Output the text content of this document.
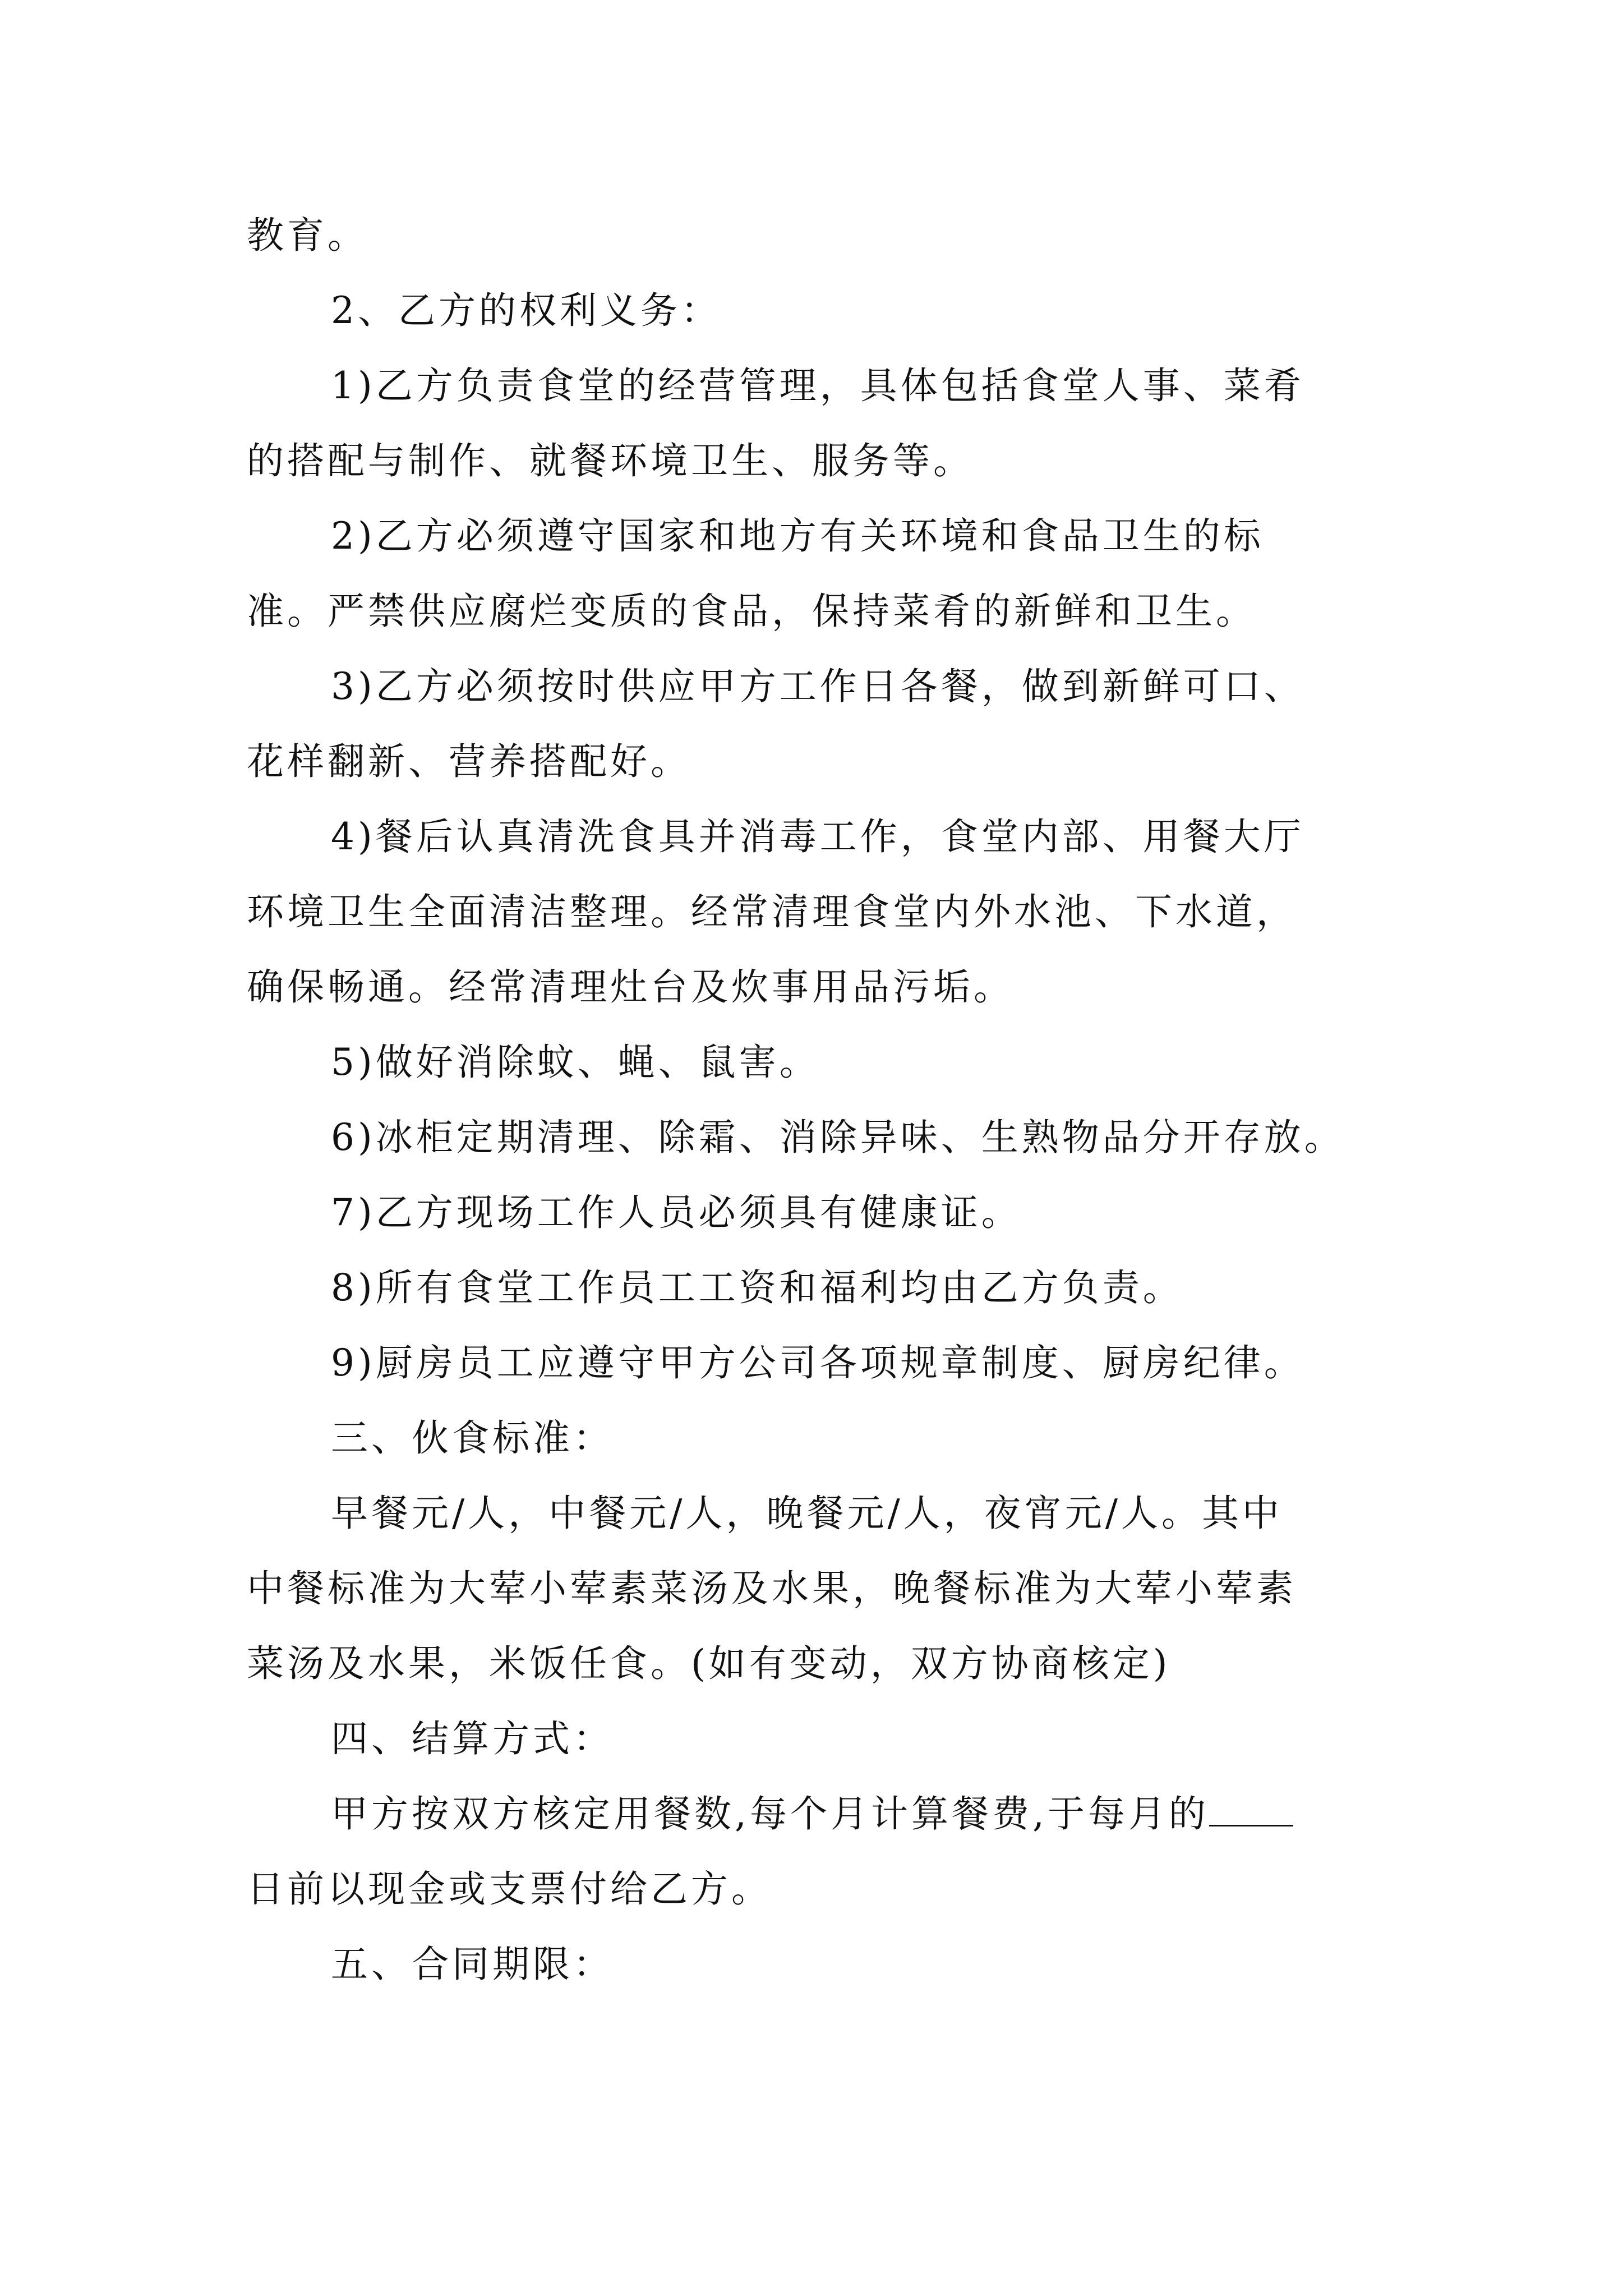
教育。
2、乙方的权利义务：
1)乙方负责食堂的经营管理，具体包括食堂人事、菜肴
的搭配与制作、就餐环境卫生、服务等。
2)乙方必须遵守国家和地方有关环境和食品卫生的标
准。严禁供应腐烂变质的食品，保持菜肴的新鲜和卫生。
3)乙方必须按时供应甲方工作日各餐，做到新鲜可口、
花样翻新、营养搭配好。
4)餐后认真清洗食具并消毒工作，食堂内部、用餐大厅
环境卫生全面清洁整理。经常清理食堂内外水池、下水道，
确保畅通。经常清理灶台及炊事用品污垢。
5)做好消除蚊、蝇、鼠害。
6)冰柜定期清理、除霜、消除异味、生熟物品分开存放。
7)乙方现场工作人员必须具有健康证。
8)所有食堂工作员工工资和福利均由乙方负责。
9)厨房员工应遵守甲方公司各项规章制度、厨房纪律。
三、伙食标准：
早餐元/人，中餐元/人，晚餐元/人，夜宵元/人。其中
中餐标准为大荤小荤素菜汤及水果，晚餐标准为大荤小荤素
菜汤及水果，米饭任食。(如有变动，双方协商核定)
四、结算方式：
甲方按双方核定用餐数,每个月计算餐费,于每月的
日前以现金或支票付给乙方。
五、合同期限：
